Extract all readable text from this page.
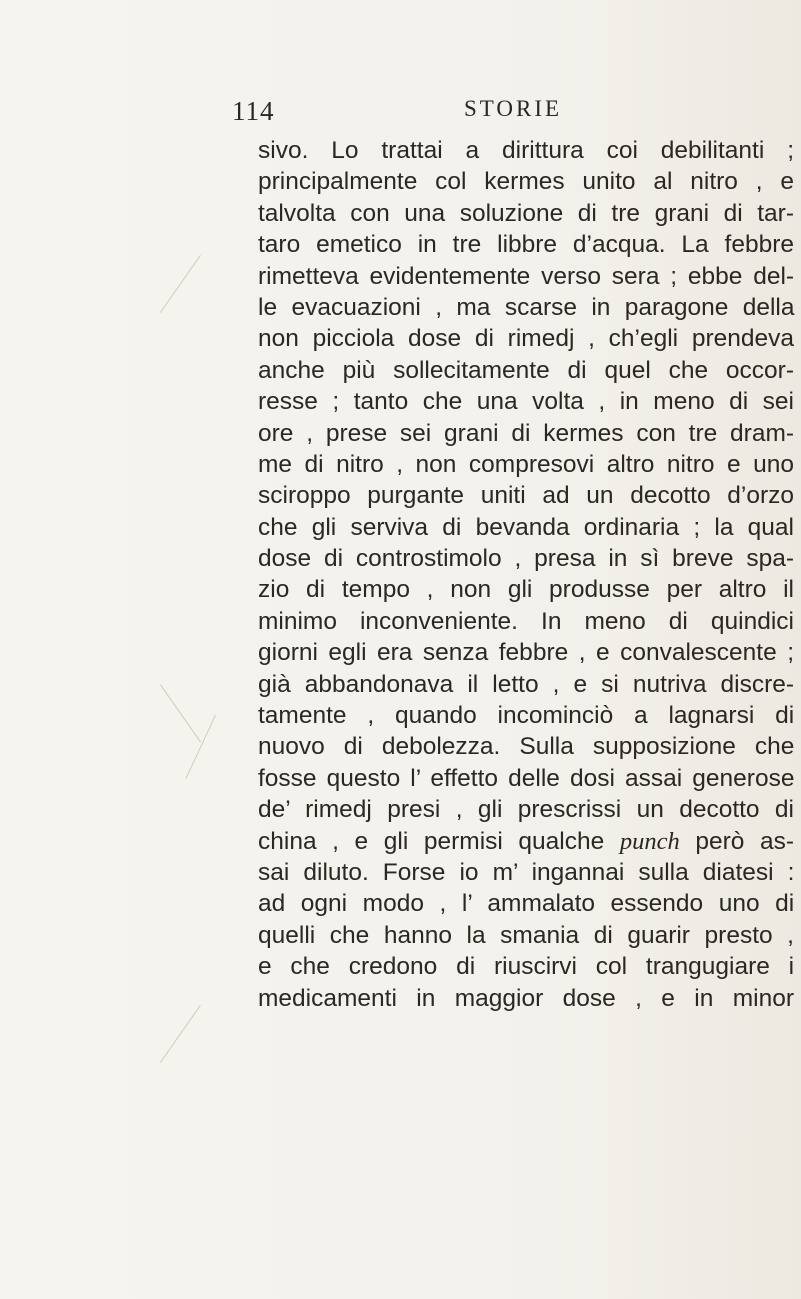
114	STORIE
sivo. Lo trattai a dirittura coi debilitanti ;
principalmente col kermes unito al nitro , e
talvolta con una soluzione di tre grani di tar-
taro emetico in tre libbre d’acqua. La febbre
rimetteva evidentemente verso sera ; ebbe del-
le evacuazioni , ma scarse in paragone della
non picciola dose di rimedj , ch’egli prendeva
anche più sollecitamente di quel che occor-
resse ; tanto che una volta , in meno di sei
ore , prese sei grani di kermes con tre dram-
me di nitro , non compresovi altro nitro e uno
sciroppo purgante uniti ad un decotto d’orzo
che gli serviva di bevanda ordinaria ; la qual
dose di controstimolo , presa in sì breve spa-
zio di tempo , non gli produsse per altro il
minimo inconveniente. In meno di quindici
giorni egli era senza febbre , e convalescente ;
già abbandonava il letto , e si nutriva discre-
tamente , quando incominciò a lagnarsi di
nuovo di debolezza. Sulla supposizione che
fosse questo l’ effetto delle dosi assai generose
de’ rimedj presi , gli prescrissi un decotto di
china , e gli permisi qualche punch però as-
sai diluto. Forse io m’ ingannai sulla diatesi :
ad ogni modo , l’ ammalato essendo uno di
quelli che hanno la smania di guarir presto ,
e che credono di riuscirvi col trangugiare i
medicamenti in maggior dose , e in minor
